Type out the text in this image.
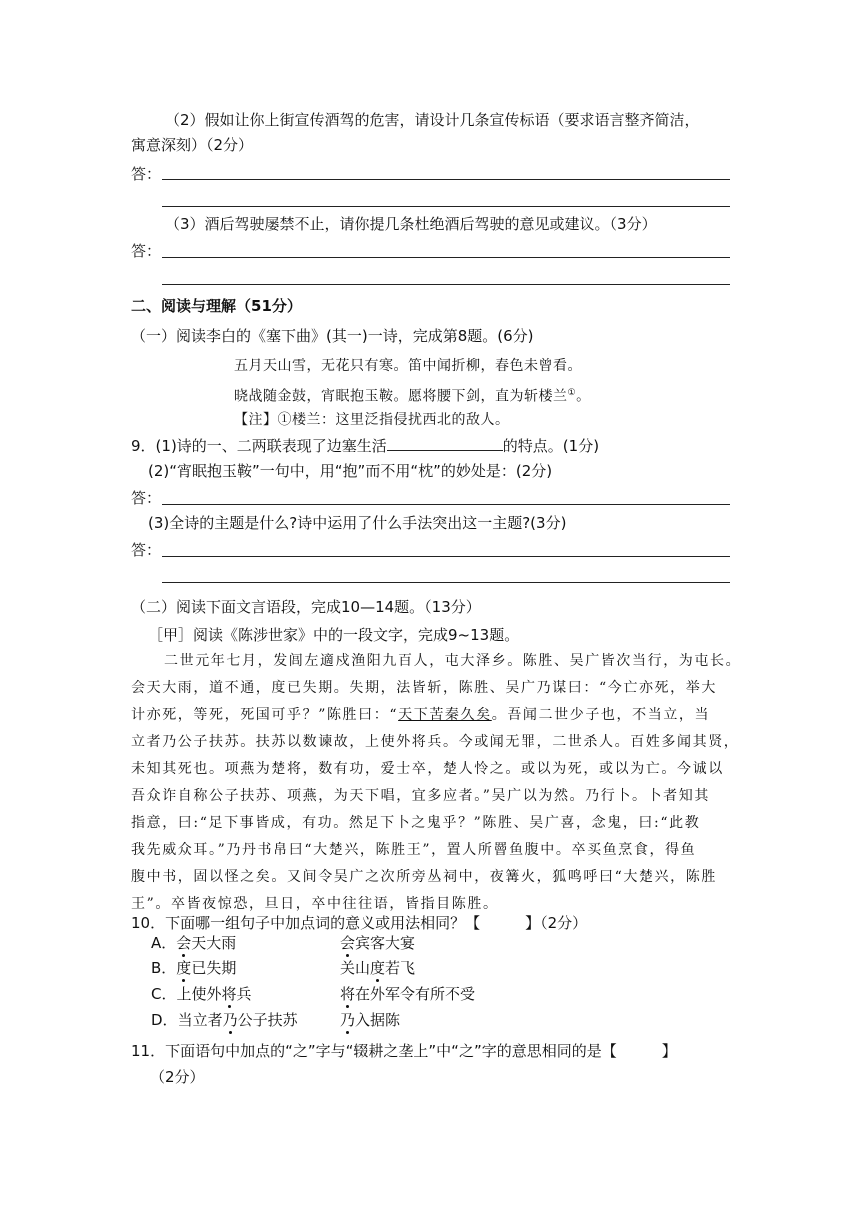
（2）假如让你上街宣传酒驾的危害，请设计几条宣传标语（要求语言整齐简洁，
寓意深刻）（2分）
答：
（3）酒后驾驶屡禁不止，请你提几条杜绝酒后驾驶的意见或建议。（3分）
答：
二、阅读与理解（51分）
（一）阅读李白的《塞下曲》(其一)一诗，完成第8题。(6分)
五月天山雪，无花只有寒。笛中闻折柳，春色未曾看。
晓战随金鼓，宵眠抱玉鞍。愿将腰下剑，直为斩楼兰①。
【注】①楼兰：这里泛指侵扰西北的敌人。
9．(1)诗的一、二两联表现了边塞生活	的特点。(1分)
(2)“宵眠抱玉鞍”一句中，用“抱”而不用“枕”的妙处是：(2分)
答：
(3)全诗的主题是什么?诗中运用了什么手法突出这一主题?(3分)
答：
（二）阅读下面文言语段，完成10—14题。（13分）
［甲］阅读《陈涉世家》中的一段文字，完成9~13题。
二世元年七月，发闾左適戍渔阳九百人，屯大泽乡。陈胜、吴广皆次当行，为屯长。
会天大雨，道不通，度已失期。失期，法皆斩，陈胜、吴广乃谋曰：“今亡亦死，举大
计亦死，等死，死国可乎？”陈胜曰：“天下苦秦久矣。吾闻二世少子也，不当立，当
立者乃公子扶苏。扶苏以数谏故，上使外将兵。今或闻无罪，二世杀人。百姓多闻其贤，
未知其死也。项燕为楚将，数有功，爱士卒，楚人怜之。或以为死，或以为亡。今诚以
吾众诈自称公子扶苏、项燕，为天下唱，宜多应者。”吴广以为然。乃行卜。卜者知其
指意，曰:“足下事皆成，有功。然足下卜之鬼乎？”陈胜、吴广喜，念鬼，曰:“此教
我先威众耳。”乃丹书帛曰“大楚兴，陈胜王”，置人所罾鱼腹中。卒买鱼烹食，得鱼
腹中书，固以怪之矣。又间令吴广之次所旁丛祠中，夜篝火，狐鸣呼曰“大楚兴，陈胜
王”。卒皆夜惊恐，旦日，卒中往往语，皆指目陈胜。
10．下面哪一组句子中加点词的意义或用法相同？【　　　】（2分）
A．会天大雨	会宾客大宴
B．度已失期	关山度若飞
C．上使外将兵	将在外军令有所不受
D．当立者乃公子扶苏	乃入据陈
11．下面语句中加点的“之”字与“辍耕之垄上”中“之”字的意思相同的是【　　　】
（2分）
